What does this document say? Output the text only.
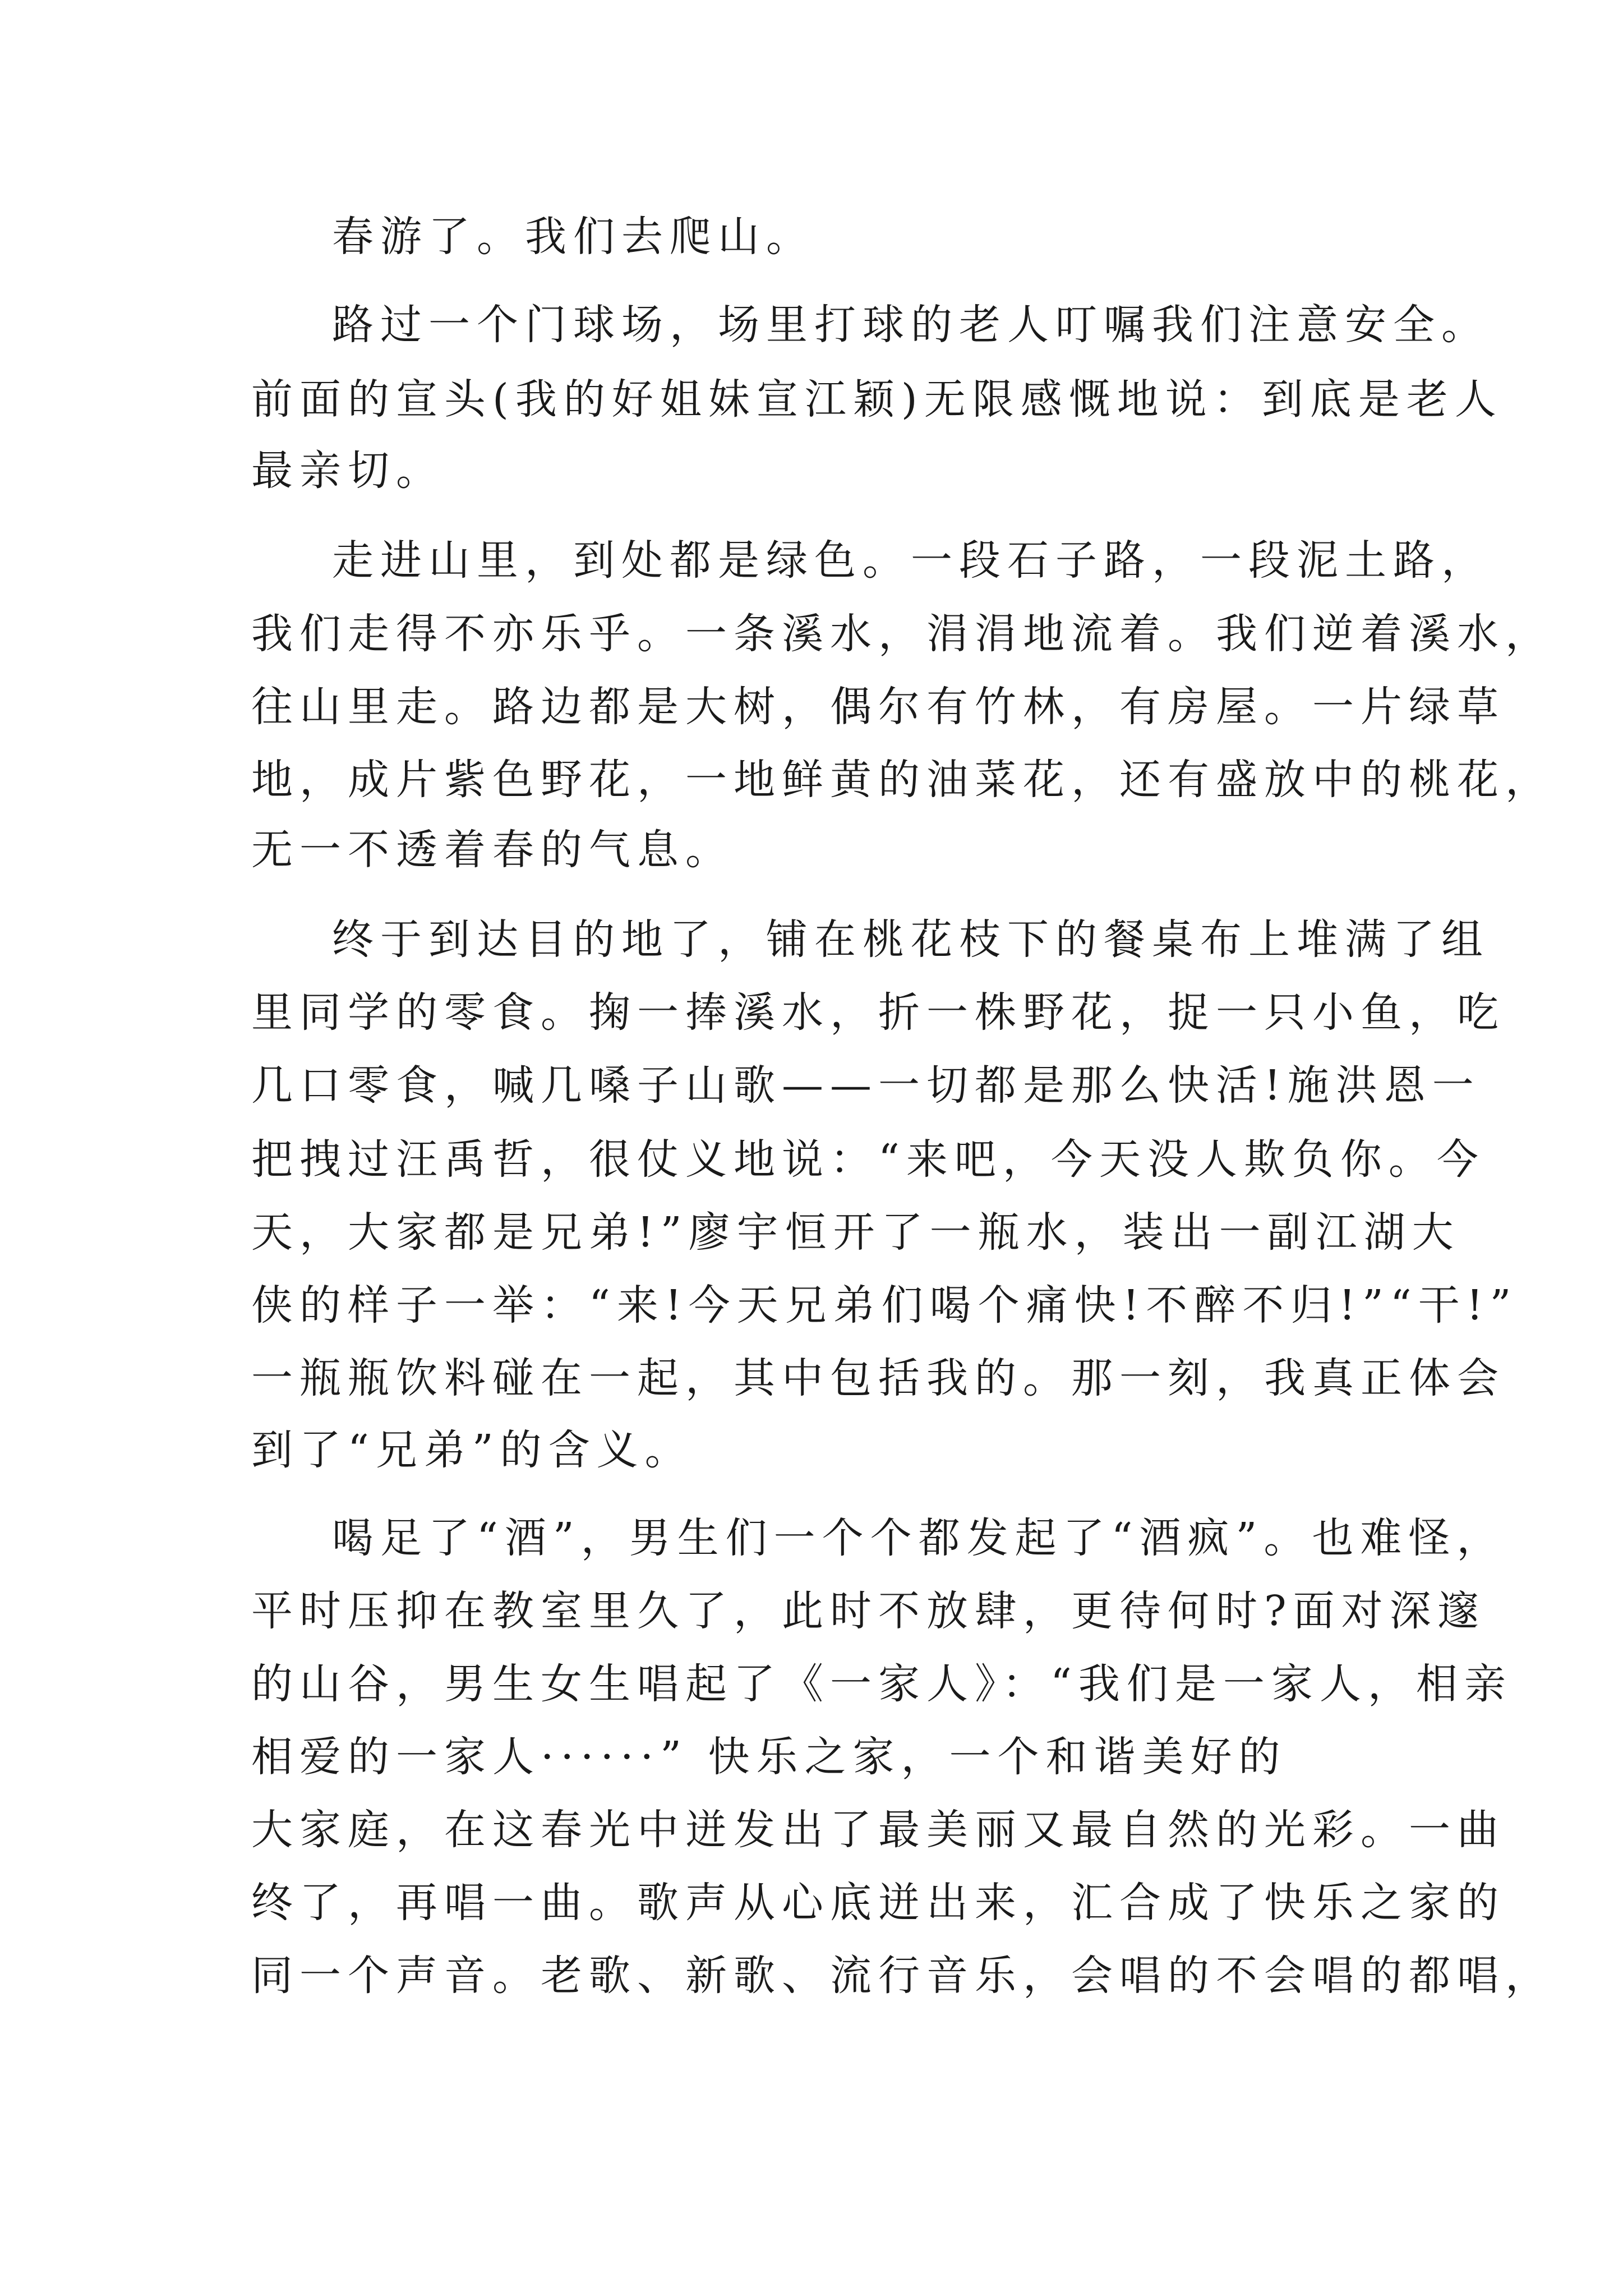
春游了。我们去爬山。
路过一个门球场，场里打球的老人叮嘱我们注意安全。
前面的宣头(我的好姐妹宣江颖)无限感慨地说：到底是老人
最亲切。
走进山里，到处都是绿色。一段石子路，一段泥土路，
我们走得不亦乐乎。一条溪水，涓涓地流着。我们逆着溪水，
往山里走。路边都是大树，偶尔有竹林，有房屋。一片绿草
地，成片紫色野花，一地鲜黄的油菜花，还有盛放中的桃花，
无一不透着春的气息。
终于到达目的地了，铺在桃花枝下的餐桌布上堆满了组
里同学的零食。掬一捧溪水，折一株野花，捉一只小鱼，吃
几口零食，喊几嗓子山歌——一切都是那么快活!施洪恩一
把拽过汪禹哲，很仗义地说：“来吧，今天没人欺负你。今
天，大家都是兄弟!”廖宇恒开了一瓶水，装出一副江湖大
侠的样子一举：“来!今天兄弟们喝个痛快!不醉不归!”“干!”
一瓶瓶饮料碰在一起，其中包括我的。那一刻，我真正体会
到了“兄弟”的含义。
喝足了“酒”，男生们一个个都发起了“酒疯”。也难怪，
平时压抑在教室里久了，此时不放肆，更待何时?面对深邃
的山谷，男生女生唱起了《一家人》：“我们是一家人，相亲
相爱的一家人······” 快乐之家，一个和谐美好的
大家庭，在这春光中迸发出了最美丽又最自然的光彩。一曲
终了，再唱一曲。歌声从心底迸出来，汇合成了快乐之家的
同一个声音。老歌、新歌、流行音乐，会唱的不会唱的都唱，
